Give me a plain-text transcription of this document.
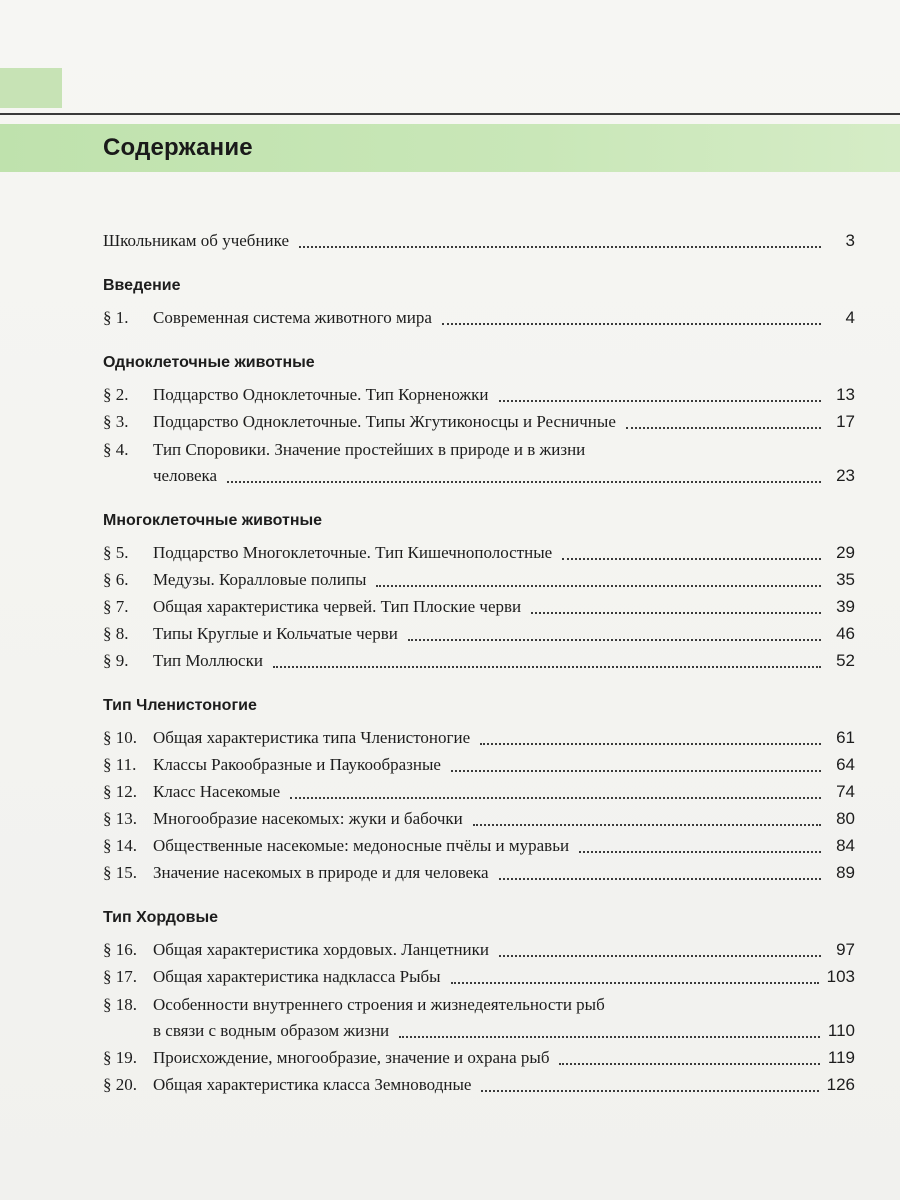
Содержание
Школьникам об учебнике	3
Введение
§ 1.	Современная система животного мира	4
Одноклеточные животные
§ 2.	Подцарство Одноклеточные. Тип Корненожки	13
§ 3.	Подцарство Одноклеточные. Типы Жгутиконосцы и Ресничные	17
§ 4.	Тип Споровики. Значение простейших в природе и в жизни
человека	23
Многоклеточные животные
§ 5.	Подцарство Многоклеточные. Тип Кишечнополостные	29
§ 6.	Медузы. Коралловые полипы	35
§ 7.	Общая характеристика червей. Тип Плоские черви	39
§ 8.	Типы Круглые и Кольчатые черви	46
§ 9.	Тип Моллюски	52
Тип Членистоногие
§ 10. Общая характеристика типа Членистоногие	61
§ 11. Классы Ракообразные и Паукообразные	64
§ 12. Класс Насекомые	74
§ 13. Многообразие насекомых: жуки и бабочки	80
§ 14. Общественные насекомые: медоносные пчёлы и муравьи	84
§ 15. Значение насекомых в природе и для человека	89
Тип Хордовые
§ 16. Общая характеристика хордовых. Ланцетники	97
§ 17. Общая характеристика надкласса Рыбы	103
§ 18. Особенности внутреннего строения и жизнедеятельности рыб
в связи с водным образом жизни	110
§ 19. Происхождение, многообразие, значение и охрана рыб	119
§ 20. Общая характеристика класса Земноводные	126
